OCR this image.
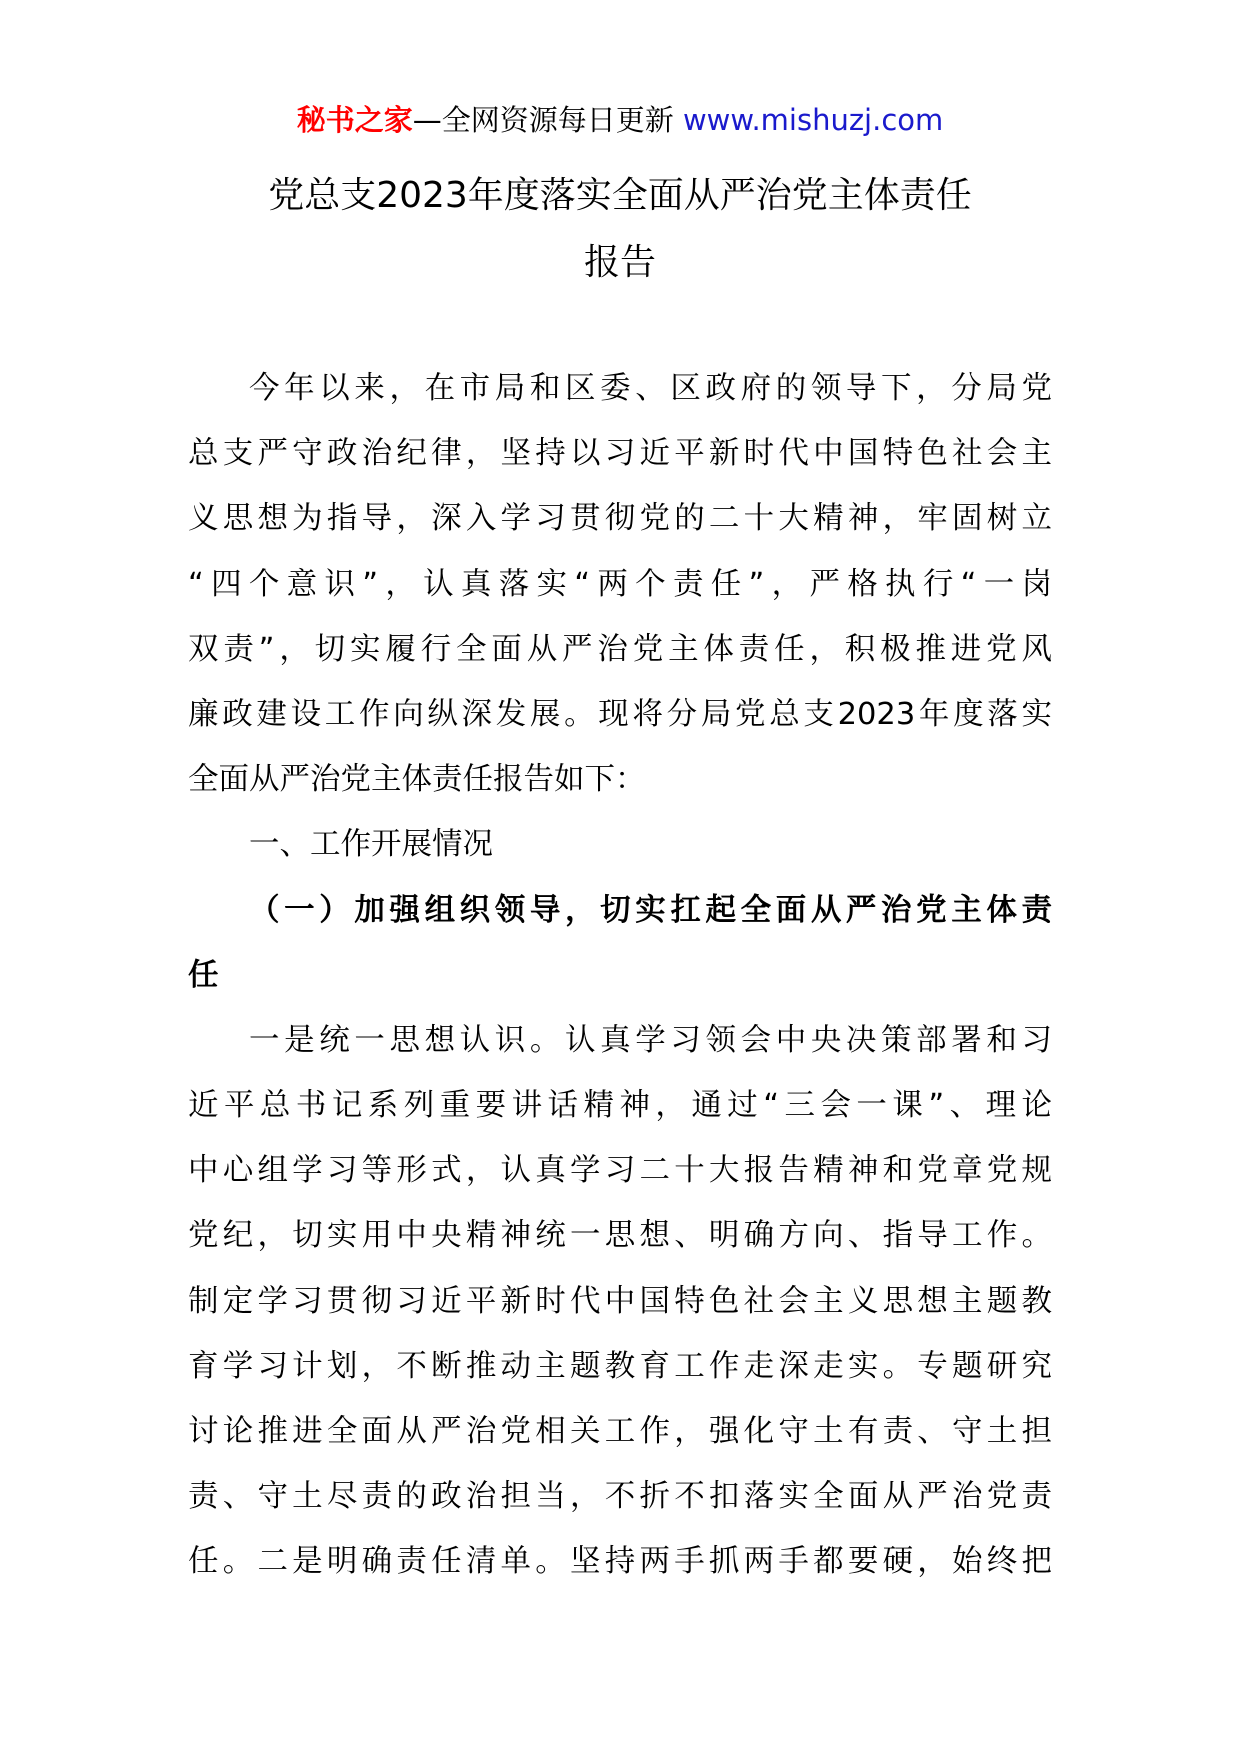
秘书之家—全网资源每日更新 www.mishuzj.com
党总支2023年度落实全面从严治党主体责任
报告
今年以来，在市局和区委、区政府的领导下，分局党
总支严守政治纪律，坚持以习近平新时代中国特色社会主
义思想为指导，深入学习贯彻党的二十大精神，牢固树立
“四个意识”，认真落实“两个责任”，严格执行“一岗
双责”，切实履行全面从严治党主体责任，积极推进党风
廉政建设工作向纵深发展。现将分局党总支2023年度落实
全面从严治党主体责任报告如下：
一、工作开展情况
（一）加强组织领导，切实扛起全面从严治党主体责
任
一是统一思想认识。认真学习领会中央决策部署和习
近平总书记系列重要讲话精神，通过“三会一课”、理论
中心组学习等形式，认真学习二十大报告精神和党章党规
党纪，切实用中央精神统一思想、明确方向、指导工作。
制定学习贯彻习近平新时代中国特色社会主义思想主题教
育学习计划，不断推动主题教育工作走深走实。专题研究
讨论推进全面从严治党相关工作，强化守土有责、守土担
责、守土尽责的政治担当，不折不扣落实全面从严治党责
任。二是明确责任清单。坚持两手抓两手都要硬，始终把
